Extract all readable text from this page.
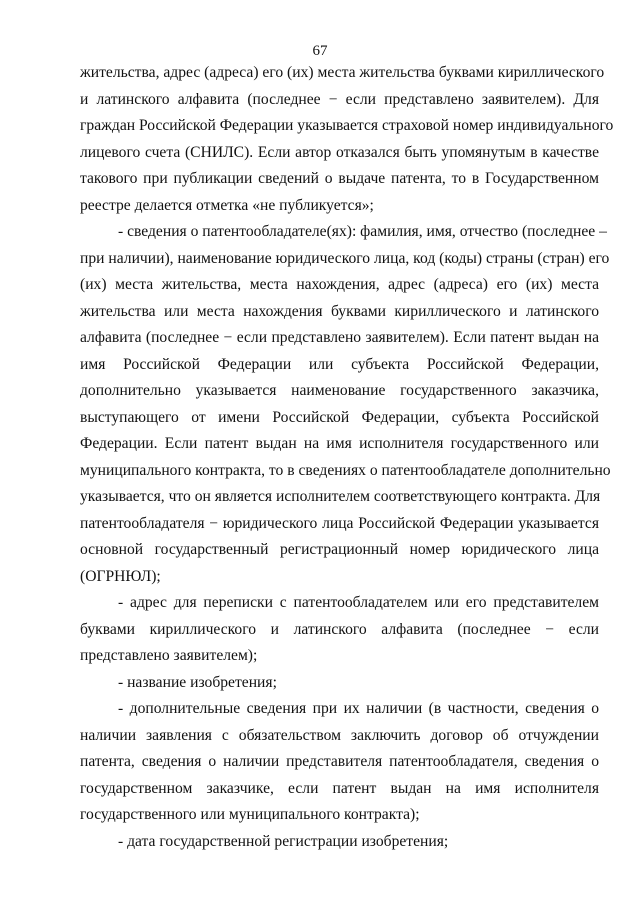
67
жительства, адрес (адреса) его (их) места жительства буквами кириллического
и латинского алфавита (последнее − если представлено заявителем). Для
граждан Российской Федерации указывается страховой номер индивидуального
лицевого счета (СНИЛС). Если автор отказался быть упомянутым в качестве
такового при публикации сведений о выдаче патента, то в Государственном
реестре делается отметка «не публикуется»;
- сведения о патентообладателе(ях): фамилия, имя, отчество (последнее –
при наличии), наименование юридического лица, код (коды) страны (стран) его
(их) места жительства, места нахождения, адрес (адреса) его (их) места
жительства или места нахождения буквами кириллического и латинского
алфавита (последнее − если представлено заявителем). Если патент выдан на
имя Российской Федерации или субъекта Российской Федерации,
дополнительно указывается наименование государственного заказчика,
выступающего от имени Российской Федерации, субъекта Российской
Федерации. Если патент выдан на имя исполнителя государственного или
муниципального контракта, то в сведениях о патентообладателе дополнительно
указывается, что он является исполнителем соответствующего контракта. Для
патентообладателя − юридического лица Российской Федерации указывается
основной государственный регистрационный номер юридического лица
(ОГРНЮЛ);
- адрес для переписки с патентообладателем или его представителем
буквами кириллического и латинского алфавита (последнее − если
представлено заявителем);
- название изобретения;
- дополнительные сведения при их наличии (в частности, сведения о
наличии заявления с обязательством заключить договор об отчуждении
патента, сведения о наличии представителя патентообладателя, сведения о
государственном заказчике, если патент выдан на имя исполнителя
государственного или муниципального контракта);
- дата государственной регистрации изобретения;
